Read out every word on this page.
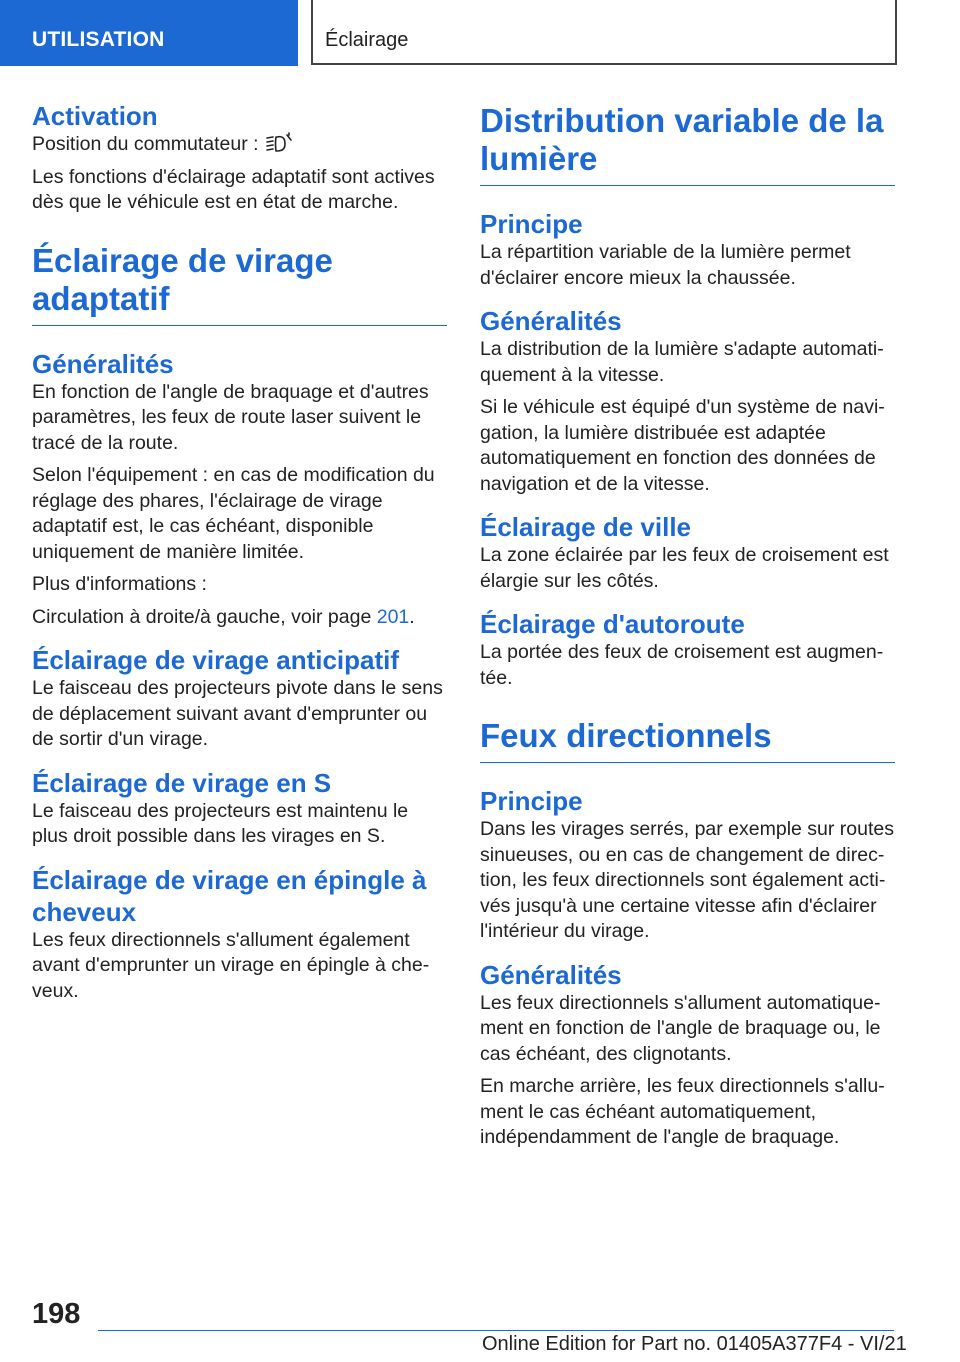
UTILISATION	Éclairage
Activation

Position du commutateur :

Les fonctions d'éclairage adaptatif sont actives dès que le véhicule est en état de marche.

Éclairage de virage adaptatif
Généralités

En fonction de l'angle de braquage et d'autres paramètres, les feux de route laser suivent le tracé de la route.

Selon l'équipement : en cas de modification du réglage des phares, l'éclairage de virage adaptatif est, le cas échéant, disponible uniquement de manière limitée.

Plus d'informations :

Circulation à droite/à gauche, voir page 201.

Éclairage de virage anticipatif

Le faisceau des projecteurs pivote dans le sens de déplacement suivant avant d'emprunter ou de sortir d'un virage.

Éclairage de virage en S

Le faisceau des projecteurs est maintenu le plus droit possible dans les virages en S.

Éclairage de virage en épingle à cheveux

Les feux directionnels s'allument également avant d'emprunter un virage en épingle à cheveux.

Distribution variable de la lumière
Principe

La répartition variable de la lumière permet d'éclairer encore mieux la chaussée.

Généralités

La distribution de la lumière s'adapte automatiquement à la vitesse.

Si le véhicule est équipé d'un système de navigation, la lumière distribuée est adaptée automatiquement en fonction des données de navigation et de la vitesse.

Éclairage de ville

La zone éclairée par les feux de croisement est élargie sur les côtés.

Éclairage d'autoroute

La portée des feux de croisement est augmentée.

Feux directionnels
Principe

Dans les virages serrés, par exemple sur routes sinueuses, ou en cas de changement de direction, les feux directionnels sont également activés jusqu'à une certaine vitesse afin d'éclairer l'intérieur du virage.

Généralités

Les feux directionnels s'allument automatiquement en fonction de l'angle de braquage ou, le cas échéant, des clignotants.

En marche arrière, les feux directionnels s'allument le cas échéant automatiquement, indépendamment de l'angle de braquage.

198
Online Edition for Part no. 01405A377F4 - VI/21
